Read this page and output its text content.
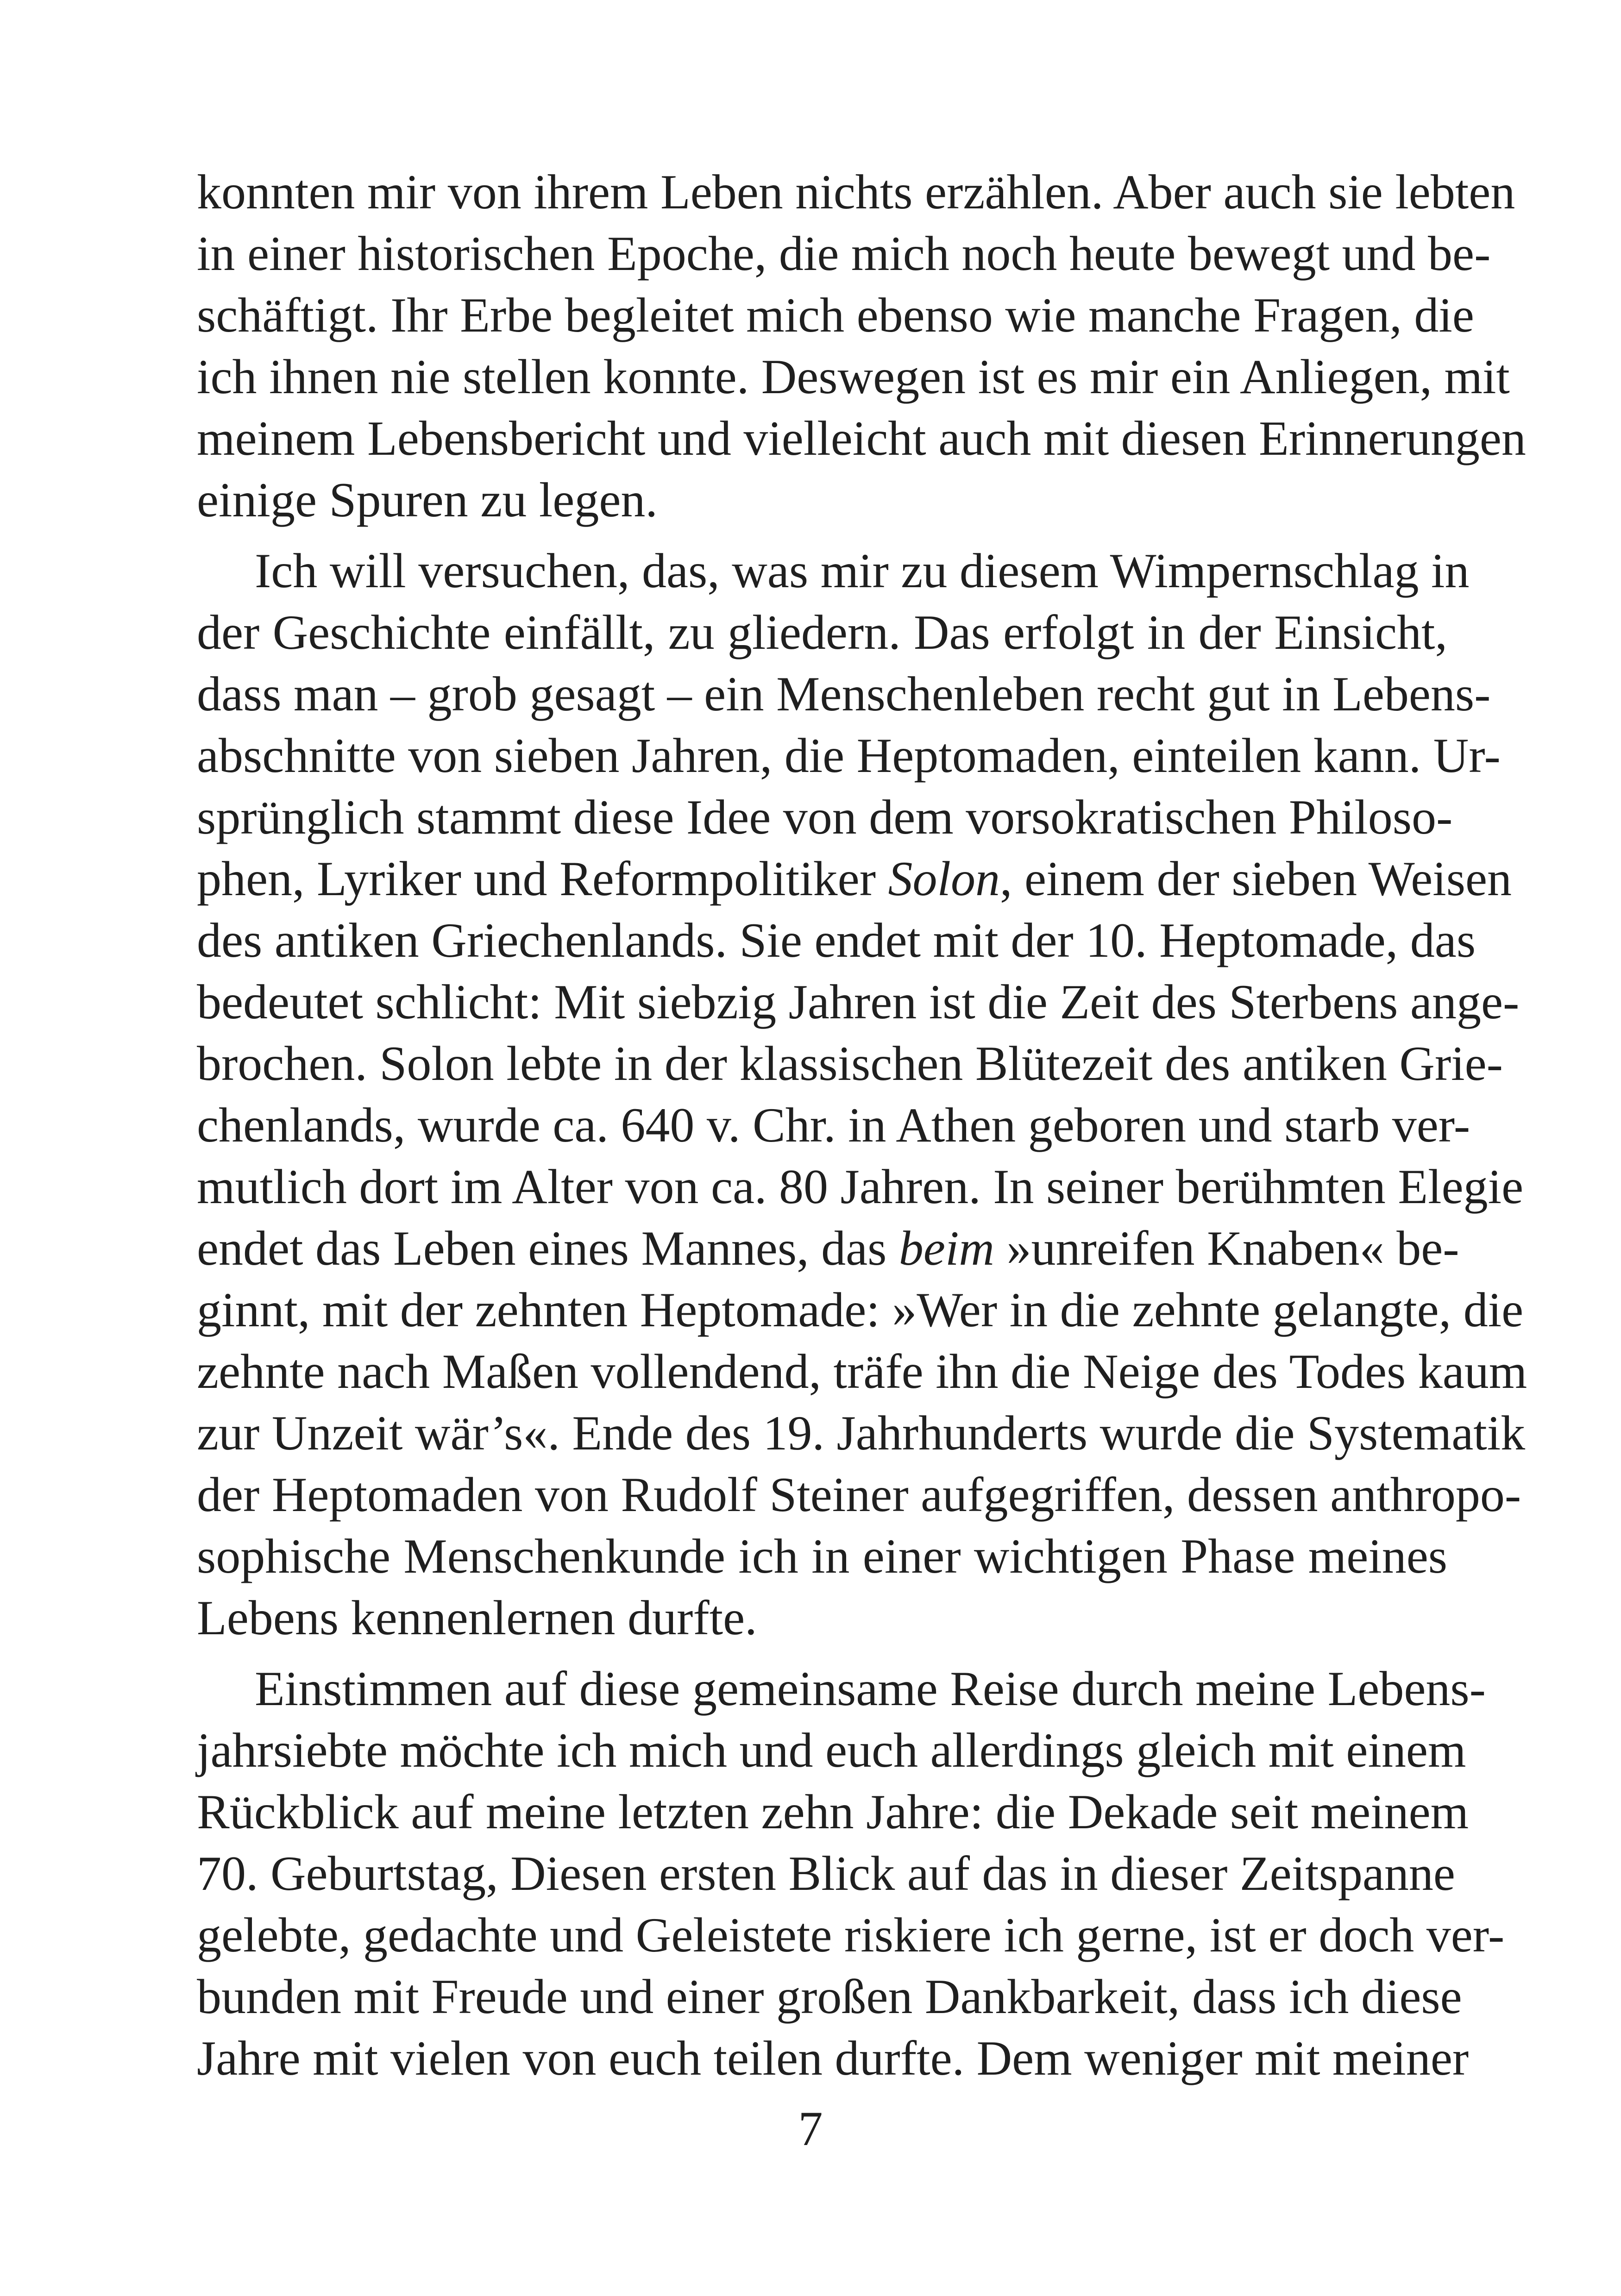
konnten mir von ihrem Leben nichts erzählen. Aber auch sie lebten
in einer historischen Epoche, die mich noch heute bewegt und be-
schäftigt. Ihr Erbe begleitet mich ebenso wie manche Fragen, die
ich ihnen nie stellen konnte. Deswegen ist es mir ein Anliegen, mit
meinem Lebensbericht und vielleicht auch mit diesen Erinnerungen
einige Spuren zu legen.
Ich will versuchen, das, was mir zu diesem Wimpernschlag in
der Geschichte einfällt, zu gliedern. Das erfolgt in der Einsicht,
dass man – grob gesagt – ein Menschenleben recht gut in Lebens-
abschnitte von sieben Jahren, die Heptomaden, einteilen kann. Ur-
sprünglich stammt diese Idee von dem vorsokratischen Philoso-
phen, Lyriker und Reformpolitiker Solon, einem der sieben Weisen
des antiken Griechenlands. Sie endet mit der 10. Heptomade, das
bedeutet schlicht: Mit siebzig Jahren ist die Zeit des Sterbens ange-
brochen. Solon lebte in der klassischen Blütezeit des antiken Grie-
chenlands, wurde ca. 640 v. Chr. in Athen geboren und starb ver-
mutlich dort im Alter von ca. 80 Jahren. In seiner berühmten Elegie
endet das Leben eines Mannes, das beim »unreifen Knaben« be-
ginnt, mit der zehnten Heptomade: »Wer in die zehnte gelangte, die
zehnte nach Maßen vollendend, träfe ihn die Neige des Todes kaum
zur Unzeit wär’s«. Ende des 19. Jahrhunderts wurde die Systematik
der Heptomaden von Rudolf Steiner aufgegriffen, dessen anthropo-
sophische Menschenkunde ich in einer wichtigen Phase meines
Lebens kennenlernen durfte.
Einstimmen auf diese gemeinsame Reise durch meine Lebens-
jahrsiebte möchte ich mich und euch allerdings gleich mit einem
Rückblick auf meine letzten zehn Jahre: die Dekade seit meinem
70. Geburtstag, Diesen ersten Blick auf das in dieser Zeitspanne
gelebte, gedachte und Geleistete riskiere ich gerne, ist er doch ver-
bunden mit Freude und einer großen Dankbarkeit, dass ich diese
Jahre mit vielen von euch teilen durfte. Dem weniger mit meiner
7
